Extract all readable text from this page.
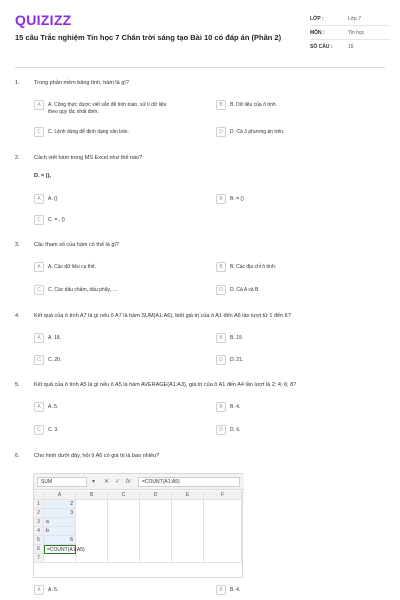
QUIZIZZ
15 câu Trắc nghiệm Tin học 7 Chân trời sáng tạo Bài 10 có đáp án (Phần 2)
LỚP :	Lớp 7
MÔN :	Tin học
SỐ CÂU :	15
1.	Trong phần mềm bảng tính, hàm là gì?
A	A. Công thức được viết sẵn để tính toán, xử lí dữ liệu theo quy tắc nhất định.
B	B. Dữ liệu của ô tính.
C	C. Lệnh dùng để định dạng văn bản.	D	D. Cả 3 phương án trên.
2.	Cách viết hàm trong MS Excel như thế nào?
D. = (),
A	A. ()	B	B. = ()
C	C. = , ()
3.	Các tham số của hàm có thể là gì?
A	A. Các dữ liệu cụ thể.	B	B. Các địa chỉ ô tính.
C	C. Các dấu chấm, dấu phẩy, …	D	D. Cả A và B.
4.	Kết quả của ô tính A7 là gì nếu ô A7 là hàm SUM(A1:A6), biết giá trị của ô A1 đến A6 lần lượt từ 1 đến 6?
A	A. 18.	B	B. 19.
C	C. 20.	D	D. 21.
5.	Kết quả của ô tính A5 là gì nếu ô A5 là hàm AVERAGE(A1:A3), giá trị của ô A1 đến A4 lần lượt là 2; 4; 6; 8?
A	A. 5.	B	B. 4.
C	C. 3.	D	D. 6.
6.	Cho hình dưới đây, hỏi ô A6 có giá trị là bao nhiêu?
SUM	▾ ✕ ✓ fx	=COUNT(A1:A5)
A	B	C	D	E	F
1	2
2	3
3	a
4	b
5	6
6	=COUNT(A1:A5)
7
A	A. 5.	B	B. 4.
